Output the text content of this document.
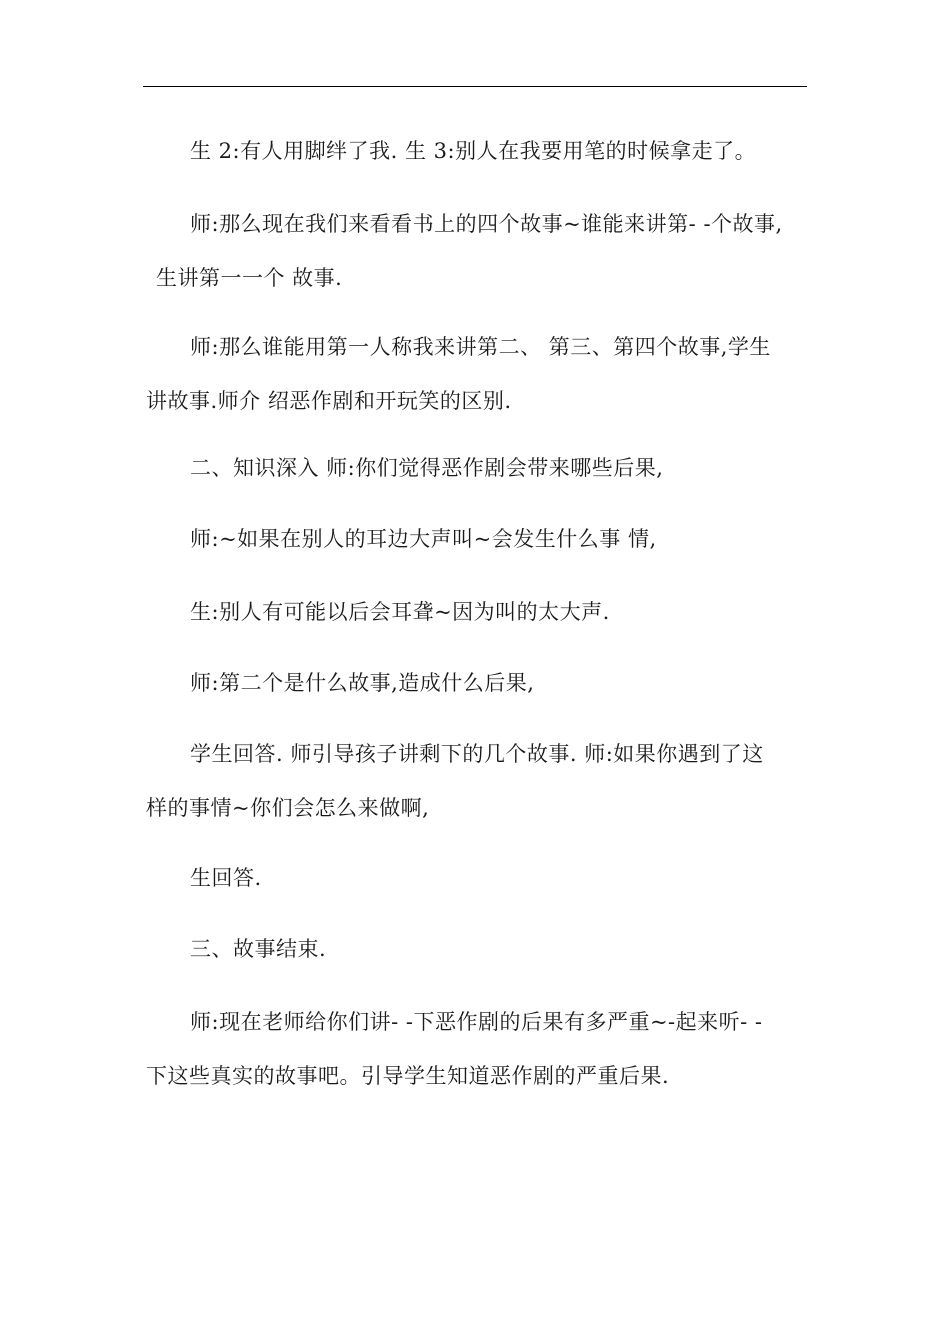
生 2:有人用脚绊了我. 生 3:别人在我要用笔的时候拿走了。
师:那么现在我们来看看书上的四个故事~谁能来讲第- -个故事,
生讲第一一个 故事.
师:那么谁能用第一人称我来讲第二、 第三、第四个故事,学生
讲故事.师介 绍恶作剧和开玩笑的区别.
二、知识深入 师:你们觉得恶作剧会带来哪些后果,
师:~如果在别人的耳边大声叫~会发生什么事 情,
生:别人有可能以后会耳聋~因为叫的太大声.
师:第二个是什么故事,造成什么后果,
学生回答. 师引导孩子讲剩下的几个故事. 师:如果你遇到了这
样的事情~你们会怎么来做啊,
生回答.
三、故事结束.
师:现在老师给你们讲- -下恶作剧的后果有多严重~-起来听- -
下这些真实的故事吧。引导学生知道恶作剧的严重后果.
